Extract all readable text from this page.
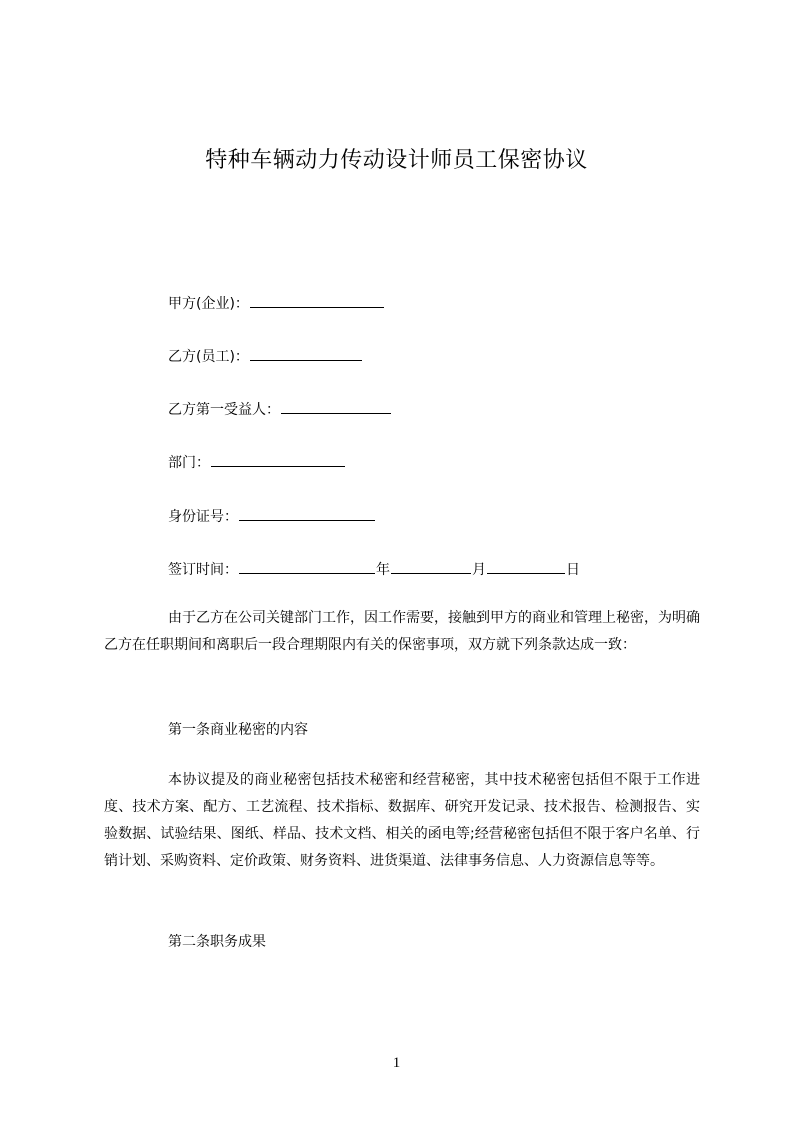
特种车辆动力传动设计师员工保密协议
甲方(企业)：
乙方(员工)：
乙方第一受益人：
部门：
身份证号：
签订时间：	年	月	日
由于乙方在公司关键部门工作，因工作需要，接触到甲方的商业和管理上秘密，为明确乙方在任职期间和离职后一段合理期限内有关的保密事项，双方就下列条款达成一致：
第一条商业秘密的内容
本协议提及的商业秘密包括技术秘密和经营秘密，其中技术秘密包括但不限于工作进度、技术方案、配方、工艺流程、技术指标、数据库、研究开发记录、技术报告、检测报告、实验数据、试验结果、图纸、样品、技术文档、相关的函电等;经营秘密包括但不限于客户名单、行销计划、采购资料、定价政策、财务资料、进货渠道、法律事务信息、人力资源信息等等。
第二条职务成果
1
